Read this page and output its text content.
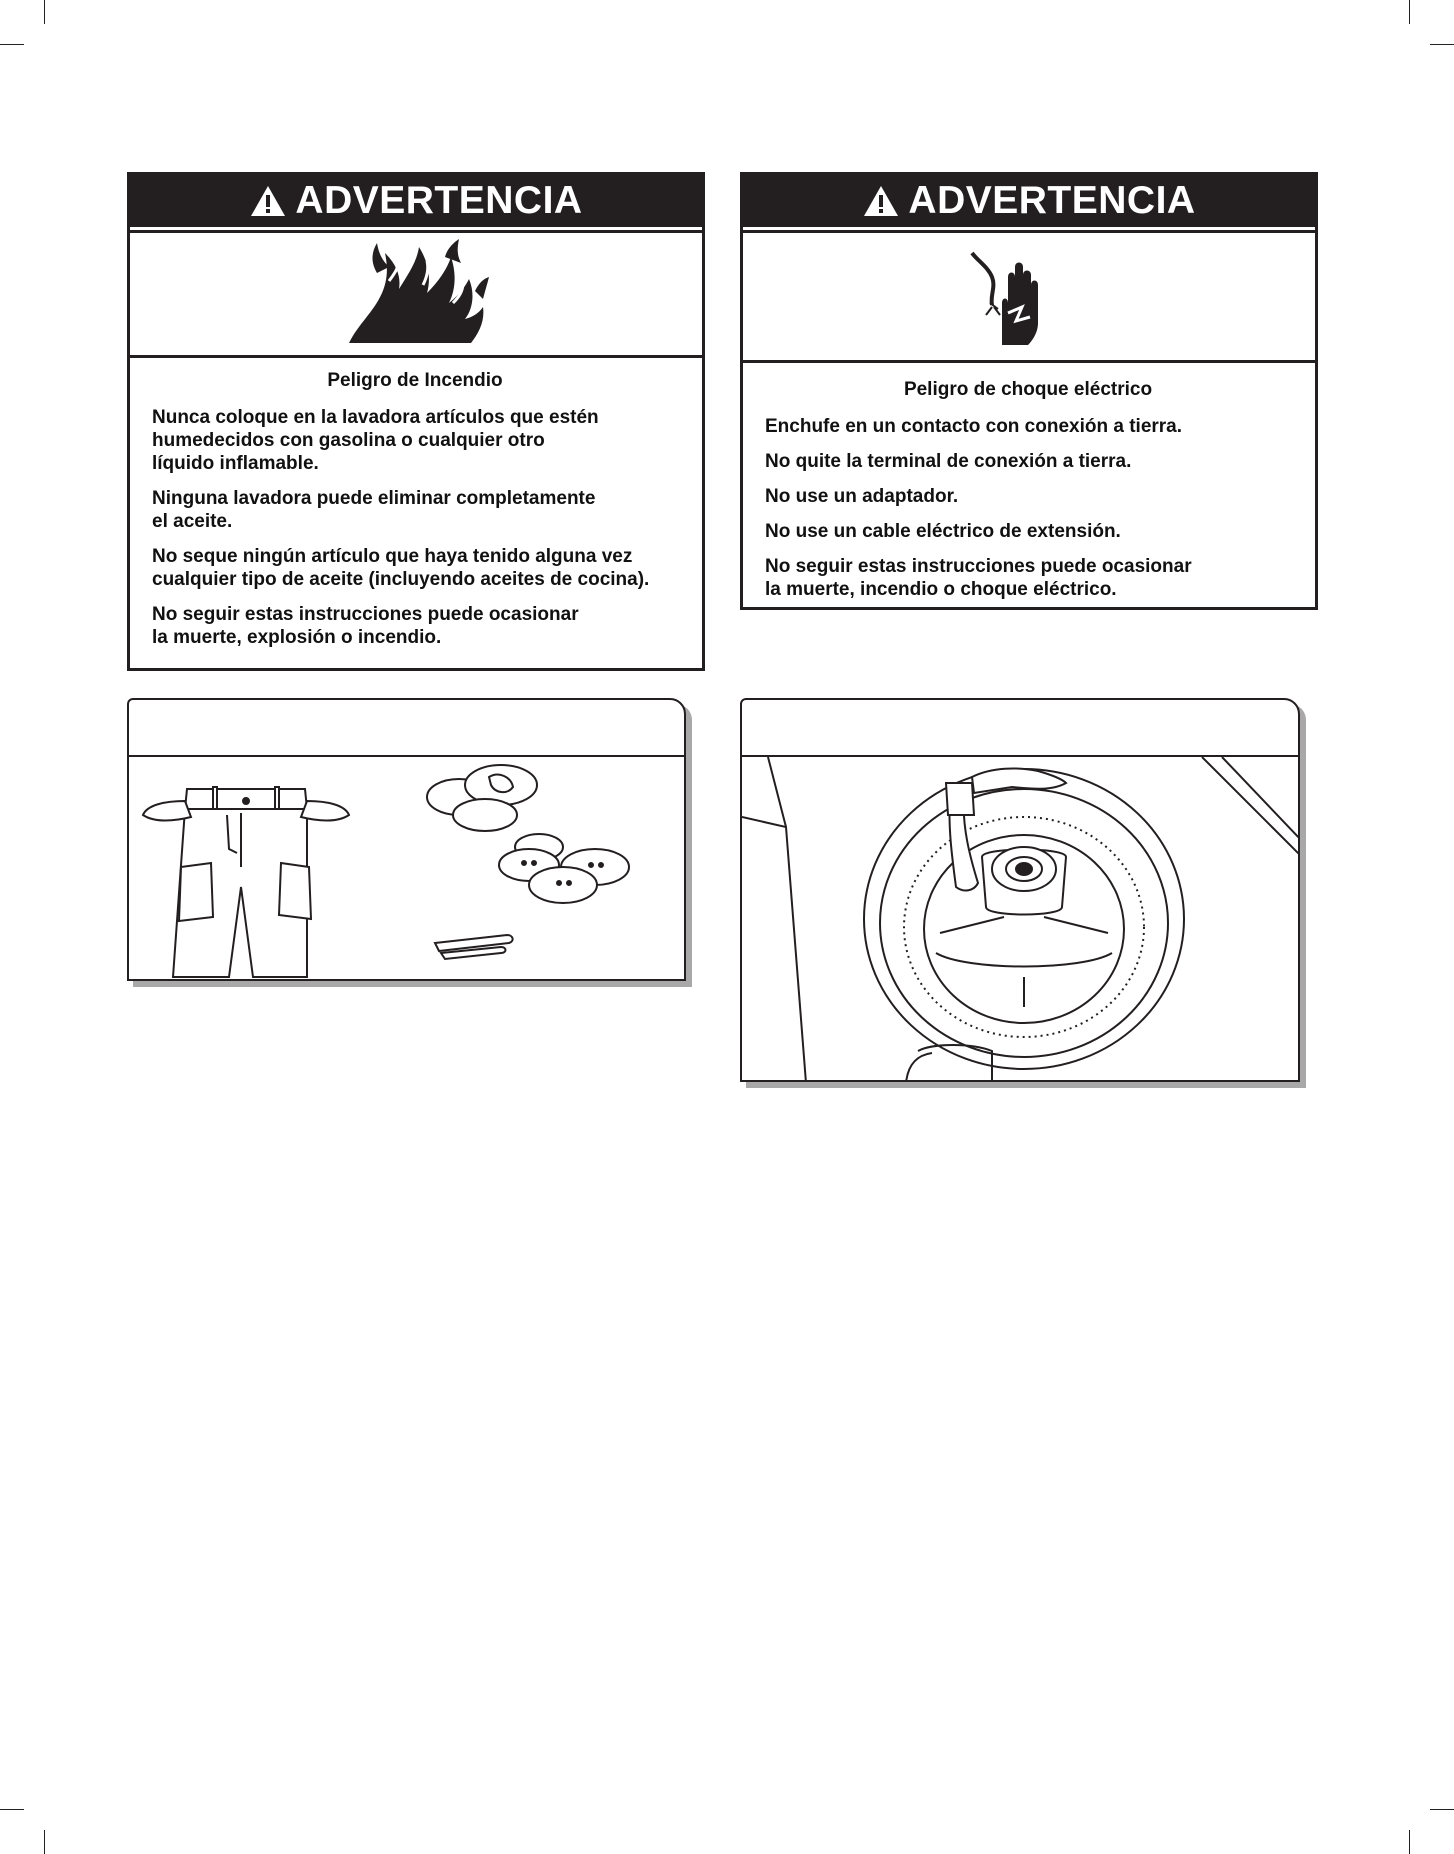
ADVERTENCIA
Peligro de Incendio

Nunca coloque en la lavadora artículos que estén
humedecidos con gasolina o cualquier otro
líquido inflamable.

Ninguna lavadora puede eliminar completamente
el aceite.

No seque ningún artículo que haya tenido alguna vez
cualquier tipo de aceite (incluyendo aceites de cocina).

No seguir estas instrucciones puede ocasionar
la muerte, explosión o incendio.

ADVERTENCIA
Peligro de choque eléctrico

Enchufe en un contacto con conexión a tierra.

No quite la terminal de conexión a tierra.

No use un adaptador.

No use un cable eléctrico de extensión.

No seguir estas instrucciones puede ocasionar
la muerte, incendio o choque eléctrico.
